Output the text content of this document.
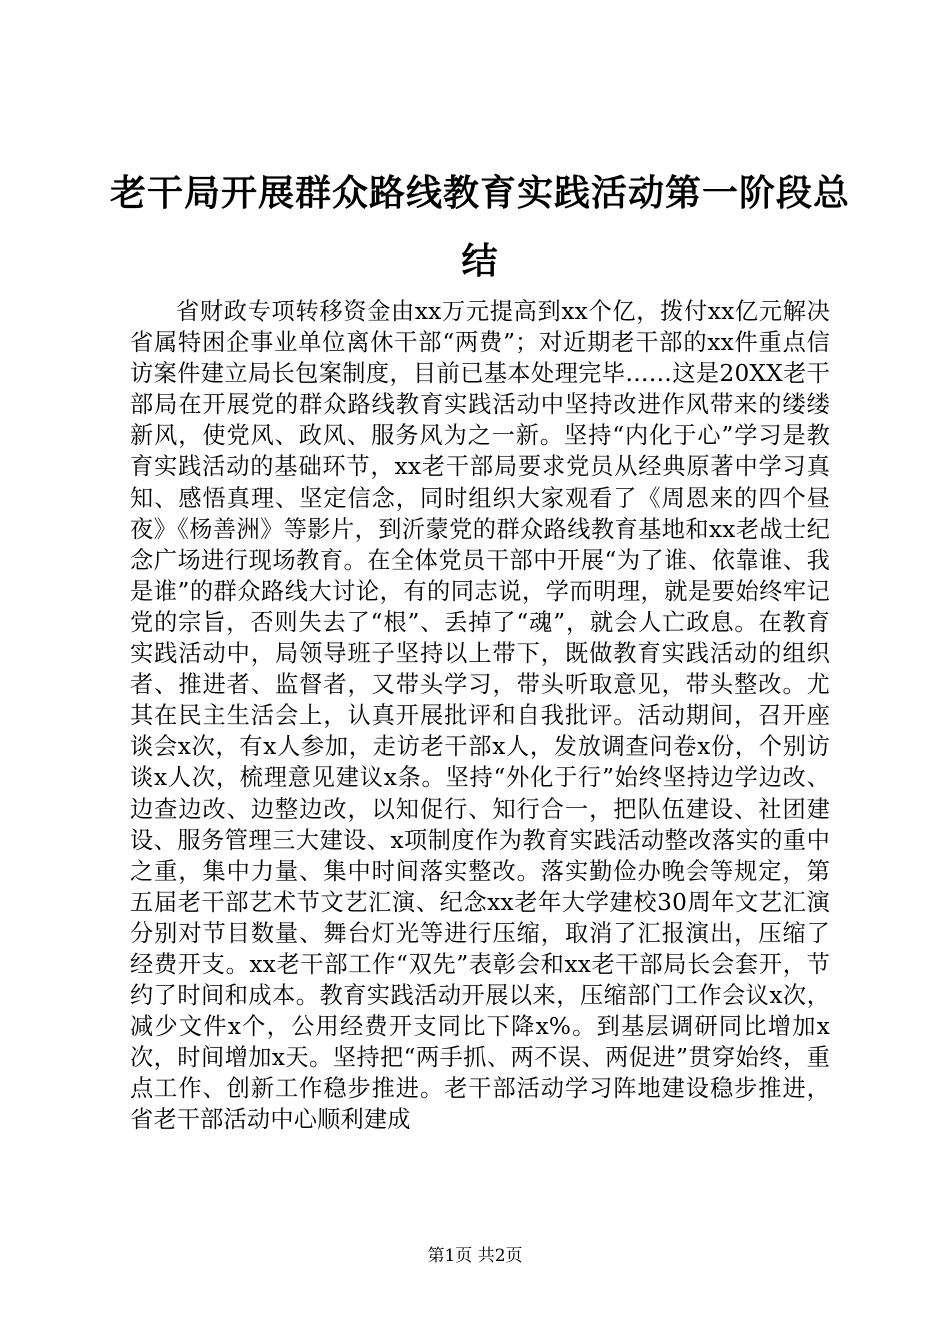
老干局开展群众路线教育实践活动第一阶段总结

省财政专项转移资金由xx万元提高到xx个亿，拨付xx亿元解决省属特困企事业单位离休干部“两费”；对近期老干部的xx件重点信访案件建立局长包案制度，目前已基本处理完毕……这是20XX老干部局在开展党的群众路线教育实践活动中坚持改进作风带来的缕缕新风，使党风、政风、服务风为之一新。坚持“内化于心”学习是教育实践活动的基础环节，xx老干部局要求党员从经典原著中学习真知、感悟真理、坚定信念，同时组织大家观看了《周恩来的四个昼夜》《杨善洲》等影片，到沂蒙党的群众路线教育基地和xx老战士纪念广场进行现场教育。在全体党员干部中开展“为了谁、依靠谁、我是谁”的群众路线大讨论，有的同志说，学而明理，就是要始终牢记党的宗旨，否则失去了“根”、丢掉了“魂”，就会人亡政息。在教育实践活动中，局领导班子坚持以上带下，既做教育实践活动的组织者、推进者、监督者，又带头学习，带头听取意见，带头整改。尤其在民主生活会上，认真开展批评和自我批评。活动期间，召开座谈会x次，有x人参加，走访老干部x人，发放调查问卷x份，个别访谈x人次，梳理意见建议x条。坚持“外化于行”始终坚持边学边改、边查边改、边整边改，以知促行、知行合一，把队伍建设、社团建设、服务管理三大建设、x项制度作为教育实践活动整改落实的重中之重，集中力量、集中时间落实整改。落实勤俭办晚会等规定，第五届老干部艺术节文艺汇演、纪念xx老年大学建校30周年文艺汇演分别对节目数量、舞台灯光等进行压缩，取消了汇报演出，压缩了经费开支。xx老干部工作“双先”表彰会和xx老干部局长会套开，节约了时间和成本。教育实践活动开展以来，压缩部门工作会议x次，减少文件x个，公用经费开支同比下降x%。到基层调研同比增加x次，时间增加x天。坚持把“两手抓、两不误、两促进”贯穿始终，重点工作、创新工作稳步推进。老干部活动学习阵地建设稳步推进，省老干部活动中心顺利建成

第1页 共2页
